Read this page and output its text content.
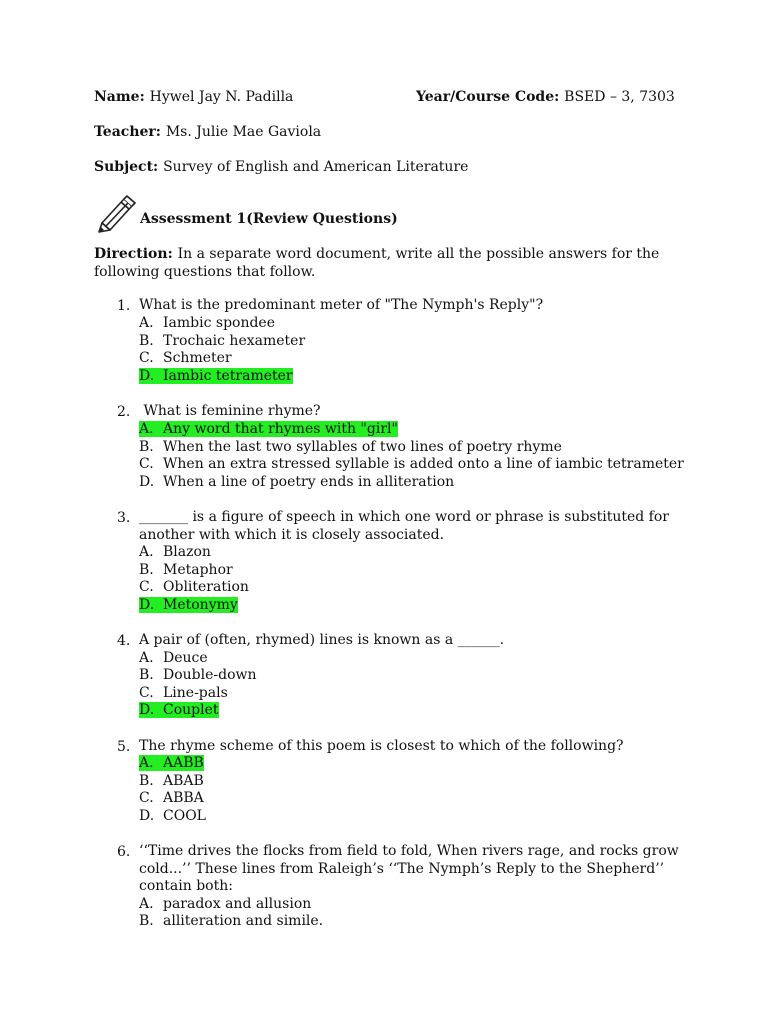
Name: Hywel Jay N. Padilla	Year/Course Code: BSED – 3, 7303
Teacher: Ms. Julie Mae Gaviola
Subject: Survey of English and American Literature
Assessment 1(Review Questions)
Direction: In a separate word document, write all the possible answers for the
following questions that follow.
1. What is the predominant meter of "The Nymph's Reply"?
A. Iambic spondee
B. Trochaic hexameter
C. Schmeter
D. Iambic tetrameter
2. What is feminine rhyme?
A. Any word that rhymes with "girl"
B. When the last two syllables of two lines of poetry rhyme
C. When an extra stressed syllable is added onto a line of iambic tetrameter
D. When a line of poetry ends in alliteration
3. _______ is a figure of speech in which one word or phrase is substituted for
another with which it is closely associated.
A. Blazon
B. Metaphor
C. Obliteration
D. Metonymy
4. A pair of (often, rhymed) lines is known as a ______.
A. Deuce
B. Double-down
C. Line-pals
D. Couplet
5. The rhyme scheme of this poem is closest to which of the following?
A. AABB
B. ABAB
C. ABBA
D. COOL
6. ‘‘Time drives the flocks from field to fold, When rivers rage, and rocks grow
cold...’’ These lines from Raleigh’s ‘‘The Nymph’s Reply to the Shepherd’’
contain both:
A. paradox and allusion
B. alliteration and simile.
